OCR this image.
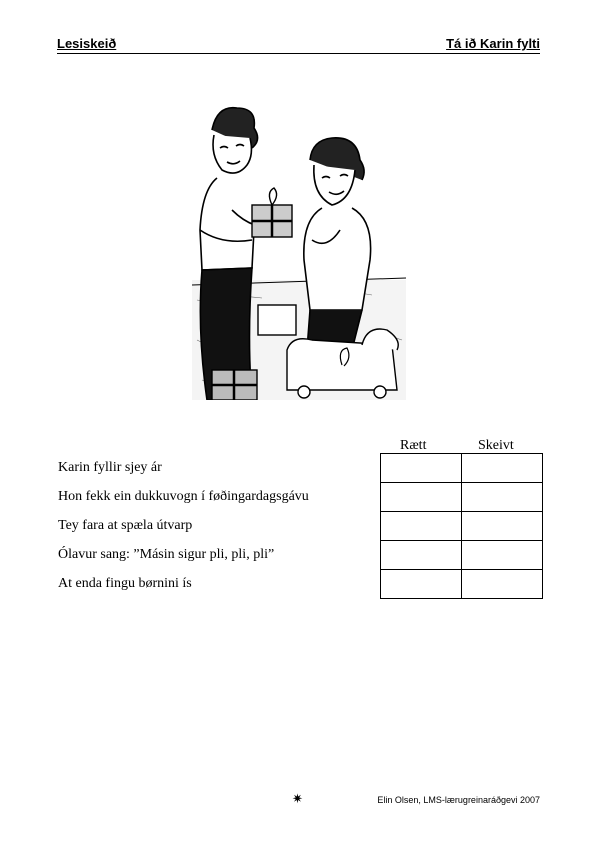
Lesiskeið	Tá ið Karin fylti
Rætt	Skeivt
Karin fyllir sjey ár
Hon fekk ein dukkuvogn í føðingardagsgávu
Tey fara at spæla útvarp
Ólavur sang: ”Másin sigur pli, pli, pli”
At enda fingu børnini ís

✷	Elin Olsen, LMS-lærugreinaráðgevi 2007
